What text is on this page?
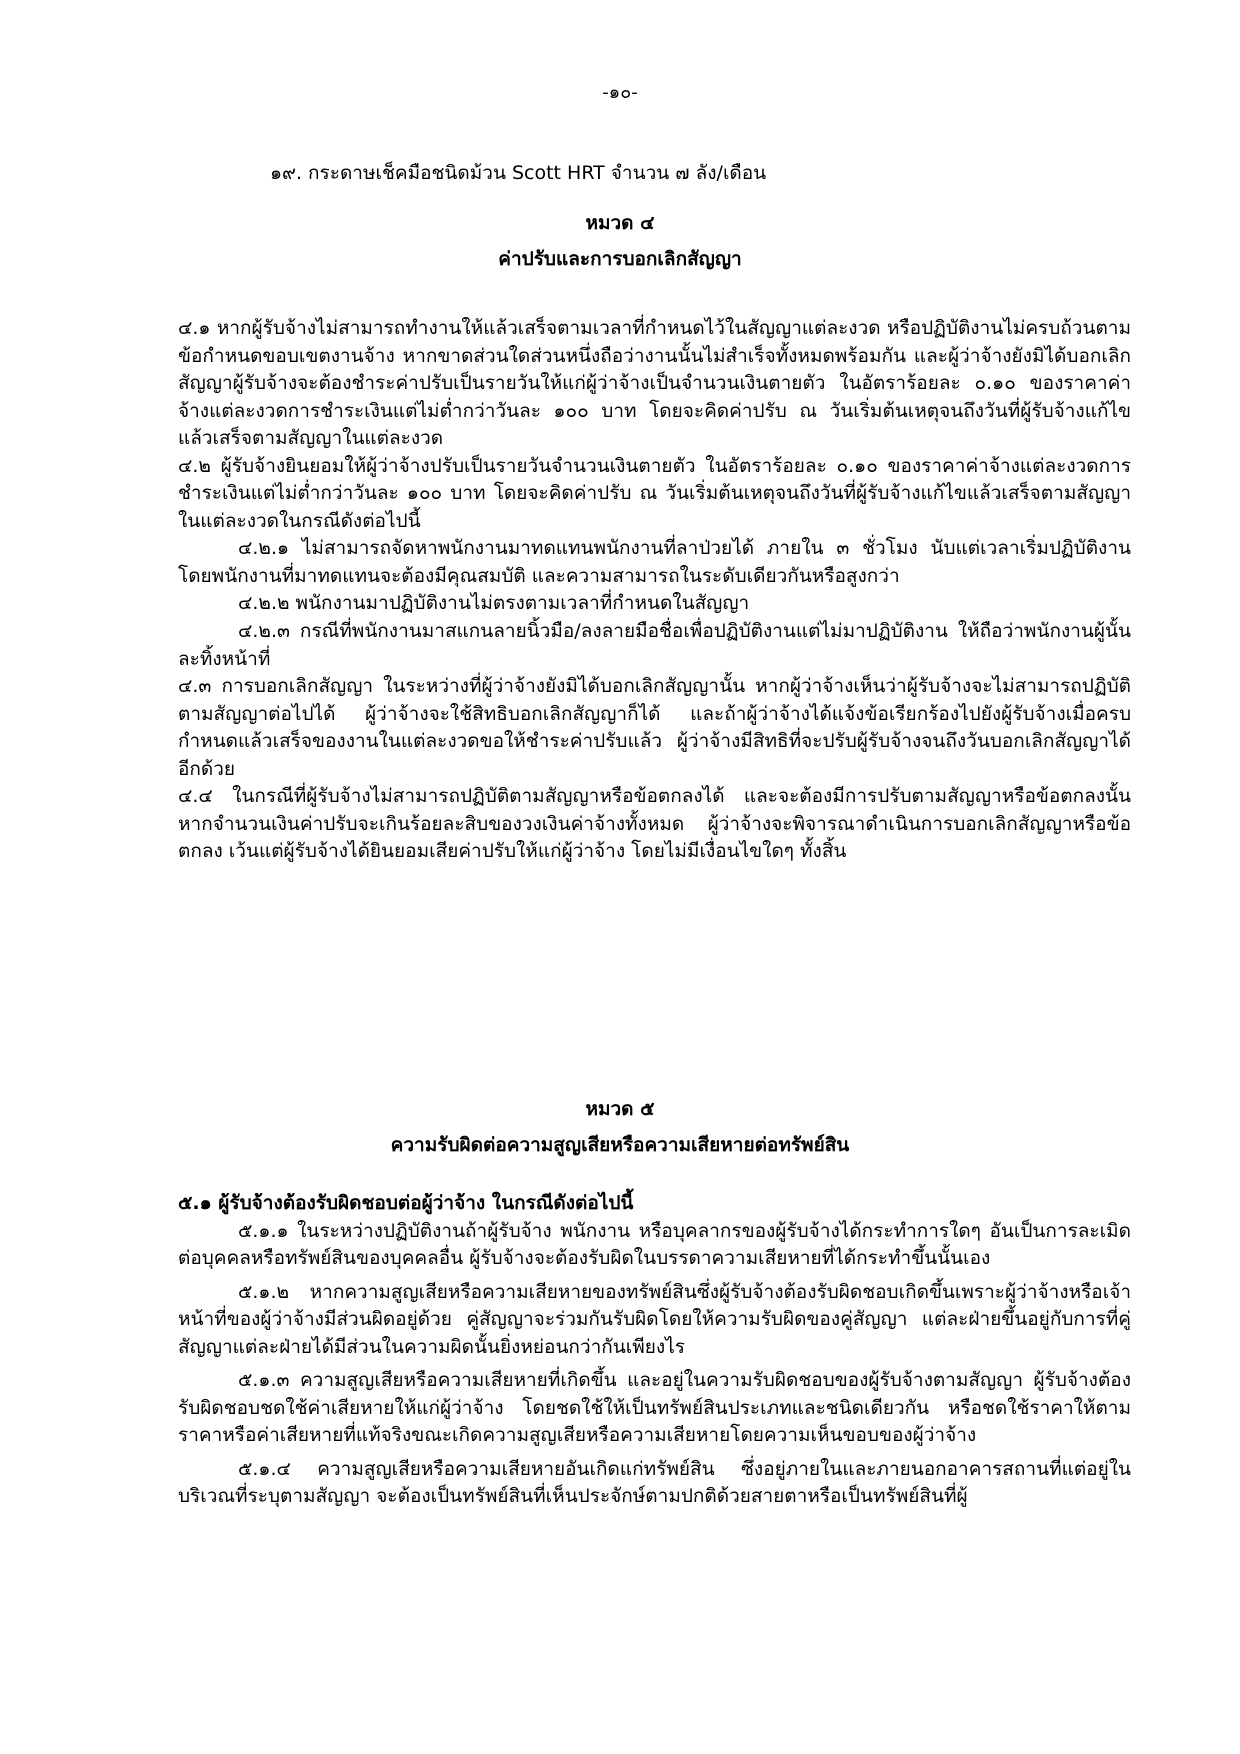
-๑๐-
๑๙. กระดาษเช็คมือชนิดม้วน Scott HRT จำนวน ๗ ลัง/เดือน
หมวด ๔
ค่าปรับและการบอกเลิกสัญญา

๔.๑ หากผู้รับจ้างไม่สามารถทำงานให้แล้วเสร็จตามเวลาที่กำหนดไว้ในสัญญาแต่ละงวด หรือปฏิบัติงานไม่ครบถ้วนตามข้อกำหนดขอบเขตงานจ้าง หากขาดส่วนใดส่วนหนึ่งถือว่างานนั้นไม่สำเร็จทั้งหมดพร้อมกัน และผู้ว่าจ้างยังมิได้บอกเลิกสัญญาผู้รับจ้างจะต้องชำระค่าปรับเป็นรายวันให้แก่ผู้ว่าจ้างเป็นจำนวนเงินตายตัว ในอัตราร้อยละ ๐.๑๐ ของราคาค่าจ้างแต่ละงวดการชำระเงินแต่ไม่ต่ำกว่าวันละ ๑๐๐ บาท โดยจะคิดค่าปรับ ณ วันเริ่มต้นเหตุจนถึงวันที่ผู้รับจ้างแก้ไขแล้วเสร็จตามสัญญาในแต่ละงวด

๔.๒ ผู้รับจ้างยินยอมให้ผู้ว่าจ้างปรับเป็นรายวันจำนวนเงินตายตัว ในอัตราร้อยละ ๐.๑๐ ของราคาค่าจ้างแต่ละงวดการชำระเงินแต่ไม่ต่ำกว่าวันละ ๑๐๐ บาท โดยจะคิดค่าปรับ ณ วันเริ่มต้นเหตุจนถึงวันที่ผู้รับจ้างแก้ไขแล้วเสร็จตามสัญญาในแต่ละงวดในกรณีดังต่อไปนี้

๔.๒.๑ ไม่สามารถจัดหาพนักงานมาทดแทนพนักงานที่ลาป่วยได้ ภายใน ๓ ชั่วโมง นับแต่เวลาเริ่มปฏิบัติงาน โดยพนักงานที่มาทดแทนจะต้องมีคุณสมบัติ และความสามารถในระดับเดียวกันหรือสูงกว่า

๔.๒.๒ พนักงานมาปฏิบัติงานไม่ตรงตามเวลาที่กำหนดในสัญญา

๔.๒.๓ กรณีที่พนักงานมาสแกนลายนิ้วมือ/ลงลายมือชื่อเพื่อปฏิบัติงานแต่ไม่มาปฏิบัติงาน ให้ถือว่าพนักงานผู้นั้นละทิ้งหน้าที่

๔.๓ การบอกเลิกสัญญา ในระหว่างที่ผู้ว่าจ้างยังมิได้บอกเลิกสัญญานั้น หากผู้ว่าจ้างเห็นว่าผู้รับจ้างจะไม่สามารถปฏิบัติตามสัญญาต่อไปได้ ผู้ว่าจ้างจะใช้สิทธิบอกเลิกสัญญาก็ได้ และถ้าผู้ว่าจ้างได้แจ้งข้อเรียกร้องไปยังผู้รับจ้างเมื่อครบกำหนดแล้วเสร็จของงานในแต่ละงวดขอให้ชำระค่าปรับแล้ว ผู้ว่าจ้างมีสิทธิที่จะปรับผู้รับจ้างจนถึงวันบอกเลิกสัญญาได้อีกด้วย

๔.๔ ในกรณีที่ผู้รับจ้างไม่สามารถปฏิบัติตามสัญญาหรือข้อตกลงได้ และจะต้องมีการปรับตามสัญญาหรือข้อตกลงนั้น หากจำนวนเงินค่าปรับจะเกินร้อยละสิบของวงเงินค่าจ้างทั้งหมด ผู้ว่าจ้างจะพิจารณาดำเนินการบอกเลิกสัญญาหรือข้อตกลง เว้นแต่ผู้รับจ้างได้ยินยอมเสียค่าปรับให้แก่ผู้ว่าจ้าง โดยไม่มีเงื่อนไขใดๆ ทั้งสิ้น

หมวด ๕
ความรับผิดต่อความสูญเสียหรือความเสียหายต่อทรัพย์สิน

๕.๑ ผู้รับจ้างต้องรับผิดชอบต่อผู้ว่าจ้าง ในกรณีดังต่อไปนี้

๕.๑.๑ ในระหว่างปฏิบัติงานถ้าผู้รับจ้าง พนักงาน หรือบุคลากรของผู้รับจ้างได้กระทำการใดๆ อันเป็นการละเมิดต่อบุคคลหรือทรัพย์สินของบุคคลอื่น ผู้รับจ้างจะต้องรับผิดในบรรดาความเสียหายที่ได้กระทำขึ้นนั้นเอง

๕.๑.๒ หากความสูญเสียหรือความเสียหายของทรัพย์สินซึ่งผู้รับจ้างต้องรับผิดชอบเกิดขึ้นเพราะผู้ว่าจ้างหรือเจ้าหน้าที่ของผู้ว่าจ้างมีส่วนผิดอยู่ด้วย คู่สัญญาจะร่วมกันรับผิดโดยให้ความรับผิดของคู่สัญญา แต่ละฝ่ายขึ้นอยู่กับการที่คู่สัญญาแต่ละฝ่ายได้มีส่วนในความผิดนั้นยิ่งหย่อนกว่ากันเพียงไร

๕.๑.๓ ความสูญเสียหรือความเสียหายที่เกิดขึ้น และอยู่ในความรับผิดชอบของผู้รับจ้างตามสัญญา ผู้รับจ้างต้องรับผิดชอบชดใช้ค่าเสียหายให้แก่ผู้ว่าจ้าง โดยชดใช้ให้เป็นทรัพย์สินประเภทและชนิดเดียวกัน หรือชดใช้ราคาให้ตามราคาหรือค่าเสียหายที่แท้จริงขณะเกิดความสูญเสียหรือความเสียหายโดยความเห็นขอบของผู้ว่าจ้าง

๕.๑.๔ ความสูญเสียหรือความเสียหายอันเกิดแก่ทรัพย์สิน ซึ่งอยู่ภายในและภายนอกอาคารสถานที่แต่อยู่ในบริเวณที่ระบุตามสัญญา จะต้องเป็นทรัพย์สินที่เห็นประจักษ์ตามปกติด้วยสายตาหรือเป็นทรัพย์สินที่ผู้
